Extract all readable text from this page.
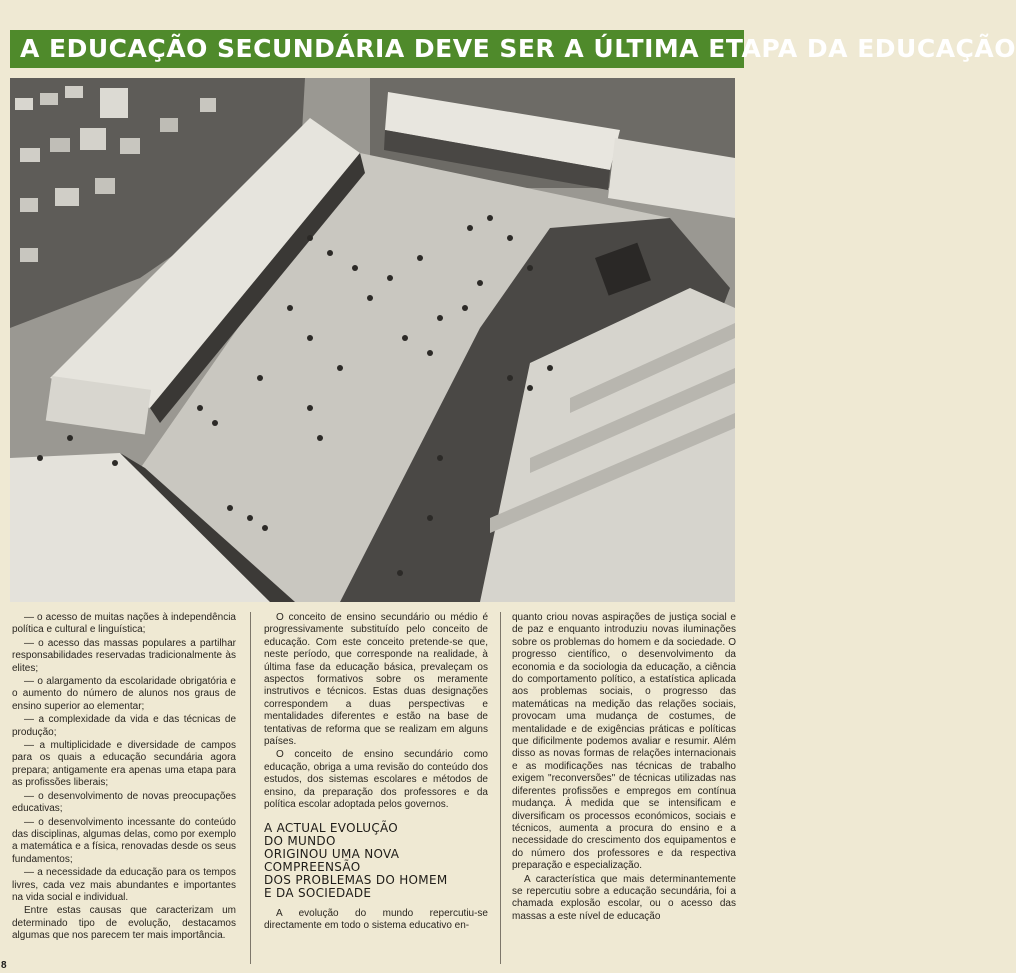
A EDUCAÇÃO SECUNDÁRIA DEVE SER A ÚLTIMA ETAPA DA EDUCAÇÃO

— o acesso de muitas nações à independência política e cultural e linguística;

— o acesso das massas populares a partilhar responsabilidades reservadas tradicionalmente às elites;

— o alargamento da escolaridade obrigatória e o aumento do número de alunos nos graus de ensino superior ao elementar;

— a complexidade da vida e das técnicas de produção;

— a multiplicidade e diversidade de campos para os quais a educação secundária agora prepara; antigamente era apenas uma etapa para as profissões liberais;

— o desenvolvimento de novas preocupações educativas;

— o desenvolvimento incessante do conteúdo das disciplinas, algumas delas, como por exemplo a matemática e a física, renovadas desde os seus fundamentos;

— a necessidade da educação para os tempos livres, cada vez mais abundantes e importantes na vida social e individual.

Entre estas causas que caracterizam um determinado tipo de evolução, destacamos algumas que nos parecem ter mais importância.

O conceito de ensino secundário ou médio é progressivamente substituído pelo conceito de educação. Com este conceito pretende-se que, neste período, que corresponde na realidade, à última fase da educação básica, prevaleçam os aspectos formativos sobre os meramente instrutivos e técnicos. Estas duas designações correspondem a duas perspectivas e mentalidades diferentes e estão na base de tentativas de reforma que se realizam em alguns países.

O conceito de ensino secundário como educação, obriga a uma revisão do conteúdo dos estudos, dos sistemas escolares e métodos de ensino, da preparação dos professores e da política escolar adoptada pelos governos.

A ACTUAL EVOLUÇÃO
DO MUNDO
ORIGINOU UMA NOVA
COMPREENSÃO
DOS PROBLEMAS DO HOMEM
E DA SOCIEDADE

A evolução do mundo repercutiu-se directamente em todo o sistema educativo en-

quanto criou novas aspirações de justiça social e de paz e enquanto introduziu novas iluminações sobre os problemas do homem e da sociedade. O progresso científico, o desenvolvimento da economia e da sociologia da educação, a ciência do comportamento político, a estatística aplicada aos problemas sociais, o progresso das matemáticas na medição das relações sociais, provocam uma mudança de costumes, de mentalidade e de exigências práticas e políticas que dificilmente podemos avaliar e resumir. Além disso as novas formas de relações internacionais e as modificações nas técnicas de trabalho exigem "reconversões" de técnicas utilizadas nas diferentes profissões e empregos em contínua mudança. À medida que se intensificam e diversificam os processos económicos, sociais e técnicos, aumenta a procura do ensino e a necessidade do crescimento dos equipamentos e do número dos professores e da respectiva preparação e especialização.

A característica que mais determinantemente se repercutiu sobre a educação secundária, foi a chamada explosão escolar, ou o acesso das massas a este nível de educação

8
